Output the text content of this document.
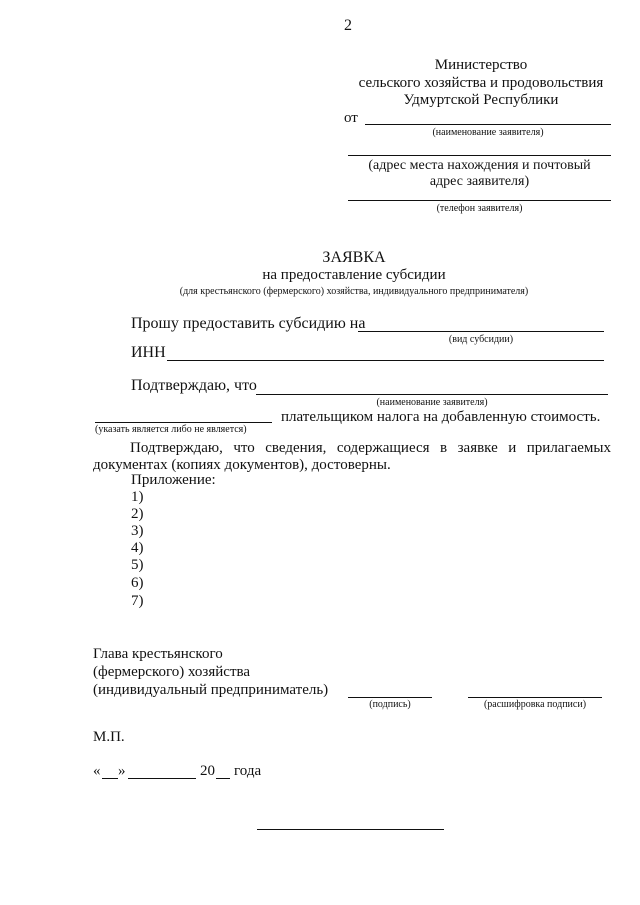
2
Министерство
сельского хозяйства и продовольствия
Удмуртской Республики
от
(наименование заявителя)
(адрес места нахождения и почтовый
адрес заявителя)
(телефон заявителя)
ЗАЯВКА
на предоставление субсидии
(для крестьянского (фермерского) хозяйства, индивидуального предпринимателя)
Прошу предоставить субсидию на
(вид субсидии)
ИНН
Подтверждаю, что
(наименование заявителя)
плательщиком налога на добавленную стоимость.
(указать является либо не является)
Подтверждаю, что сведения, содержащиеся в заявке и прилагаемых документах (копиях документов), достоверны.
Приложение:
1)
2)
3)
4)
5)
6)
7)
Глава крестьянского
(фермерского) хозяйства
(индивидуальный предприниматель)
(подпись)	(расшифровка подписи)
М.П.
« »	20 года
